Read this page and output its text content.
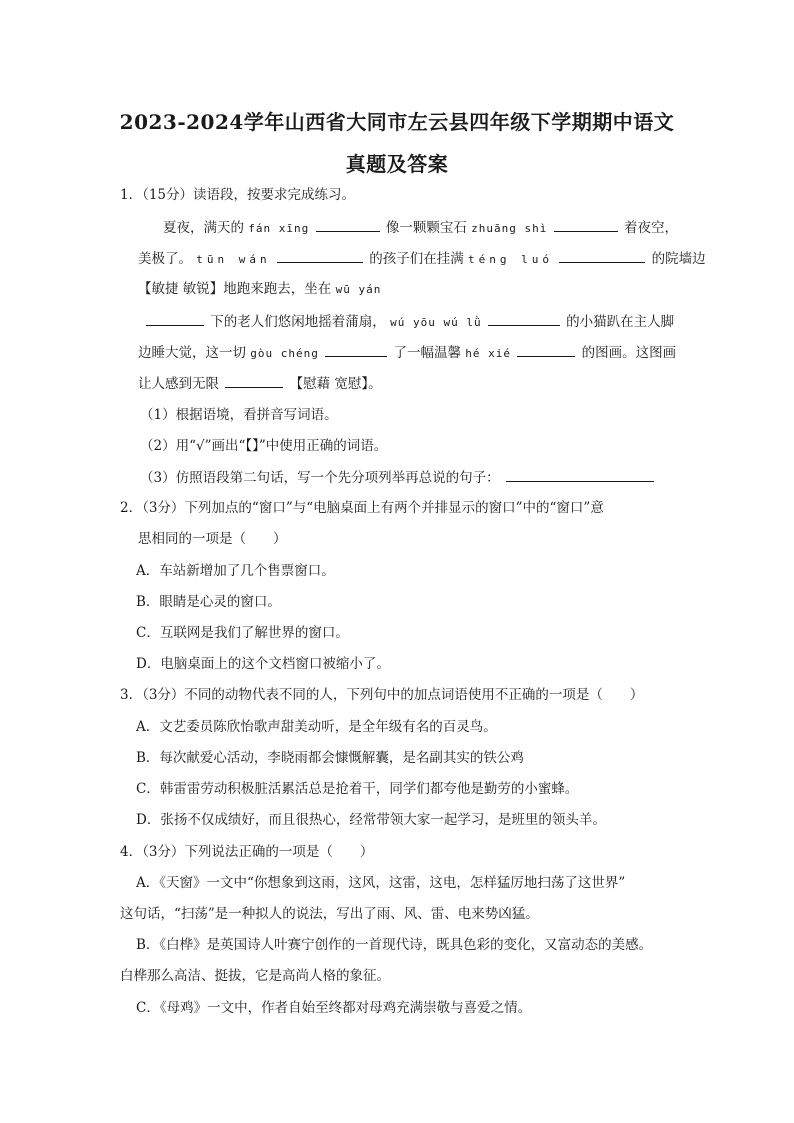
2023-2024学年山西省大同市左云县四年级下学期期中语文
真题及答案
1．（15分）读语段，按要求完成练习。
夏夜，满天的 fán xīng	像一颗颗宝石 zhuāng shì	着夜空，
美极了。 tūn wán	的孩子们在挂满 téng luó	的院墙边
【敏捷 敏锐】地跑来跑去，坐在 wū yán
下的老人们悠闲地摇着蒲扇， wú yōu wú lǜ	的小猫趴在主人脚
边睡大觉，这一切 gòu chéng	了一幅温馨 hé xié	的图画。这图画
让人感到无限	【慰藉 宽慰】。
（1）根据语境，看拼音写词语。
（2）用“√”画出“【】”中使用正确的词语。
（3）仿照语段第二句话，写一个先分项列举再总说的句子：
2．（3分）下列加点的“窗口”与“电脑桌面上有两个并排显示的窗口”中的“窗口”意
思相同的一项是（　　）
A．车站新增加了几个售票窗口。
B．眼睛是心灵的窗口。
C．互联网是我们了解世界的窗口。
D．电脑桌面上的这个文档窗口被缩小了。
3．（3分）不同的动物代表不同的人，下列句中的加点词语使用不正确的一项是（　　）
A．文艺委员陈欣怡歌声甜美动听，是全年级有名的百灵鸟。
B．每次献爱心活动，李晓雨都会慷慨解囊，是名副其实的铁公鸡
C．韩雷雷劳动积极脏活累活总是抢着干，同学们都夸他是勤劳的小蜜蜂。
D．张扬不仅成绩好，而且很热心，经常带领大家一起学习，是班里的领头羊。
4．（3分）下列说法正确的一项是（　　）
A．《天窗》一文中“你想象到这雨，这风，这雷，这电，怎样猛厉地扫荡了这世界”
这句话，“扫荡”是一种拟人的说法，写出了雨、风、雷、电来势凶猛。
B．《白桦》是英国诗人叶赛宁创作的一首现代诗，既具色彩的变化，又富动态的美感。
白桦那么高洁、挺拔，它是高尚人格的象征。
C．《母鸡》一文中，作者自始至终都对母鸡充满崇敬与喜爱之情。
